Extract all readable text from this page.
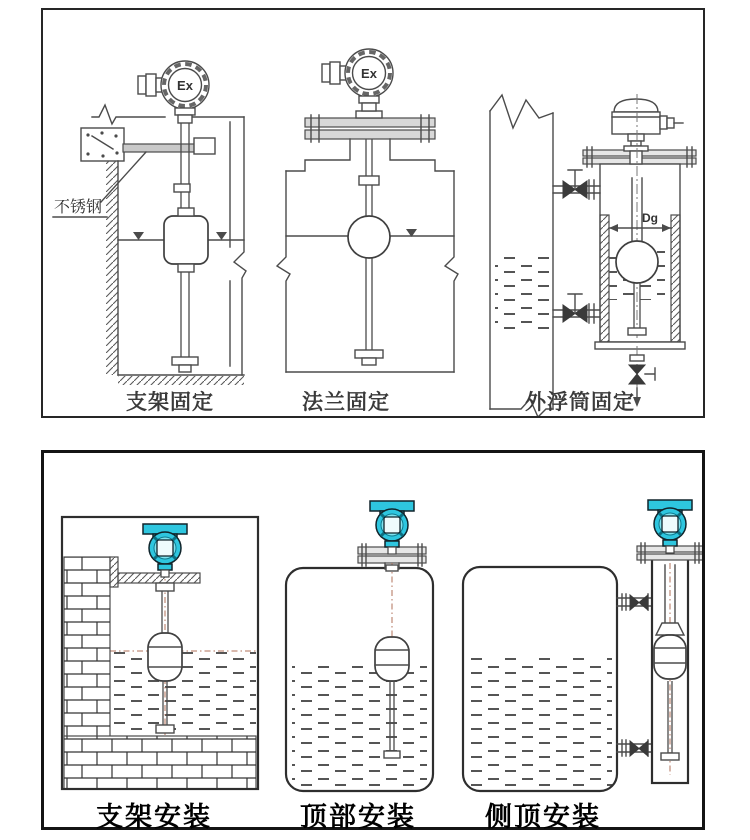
不锈钢
Ex
Ex
Dg
支架固定	法兰固定	外浮筒固定
支架安装	顶部安装	侧顶安装
